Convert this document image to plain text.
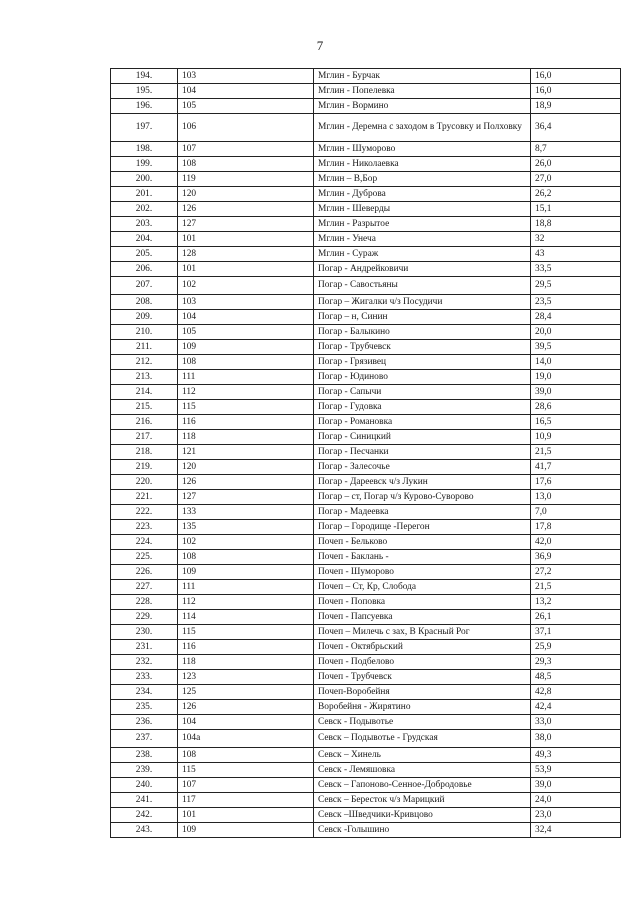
7
194.	103	Мглин - Бурчак	16,0
195.	104	Мглин - Попелевка	16,0
196.	105	Мглин - Вормино	18,9
197.	106	Мглин - Деремна с заходом в Трусовку и Полховку	36,4
198.	107	Мглин - Шуморово	8,7
199.	108	Мглин - Николаевка	26,0
200.	119	Мглин – В,Бор	27,0
201.	120	Мглин - Дуброва	26,2
202.	126	Мглин - Шеверды	15,1
203.	127	Мглин - Разрытое	18,8
204.	101	Мглин - Унеча	32
205.	128	Мглин - Сураж	43
206.	101	Погар - Андрейковичи	33,5
207.	102	Погар - Савостьяны	29,5
208.	103	Погар – Жигалки ч/з Посудичи	23,5
209.	104	Погар – н, Синин	28,4
210.	105	Погар - Балыкино	20,0
211.	109	Погар - Трубчевск	39,5
212.	108	Погар - Грязивец	14,0
213.	111	Погар - Юдиново	19,0
214.	112	Погар - Сапычи	39,0
215.	115	Погар - Гудовка	28,6
216.	116	Погар - Романовка	16,5
217.	118	Погар - Синицкий	10,9
218.	121	Погар - Песчанки	21,5
219.	120	Погар - Залесочье	41,7
220.	126	Погар - Дареевск ч/з Лукин	17,6
221.	127	Погар – ст, Погар ч/з Курово-Суворово	13,0
222.	133	Погар - Мадеевка	7,0
223.	135	Погар – Городище -Перегон	17,8
224.	102	Почеп - Бельково	42,0
225.	108	Почеп - Баклань -	36,9
226.	109	Почеп - Шуморово	27,2
227.	111	Почеп – Ст, Кр, Слобода	21,5
228.	112	Почеп - Поповка	13,2
229.	114	Почеп - Папсуевка	26,1
230.	115	Почеп – Милечь с зах, В Красный Рог	37,1
231.	116	Почеп - Октябрьский	25,9
232.	118	Почеп - Подбелово	29,3
233.	123	Почеп - Трубчевск	48,5
234.	125	Почеп-Воробейня	42,8
235.	126	Воробейня - Жирятино	42,4
236.	104	Севск - Подывотье	33,0
237.	104а	Севск – Подывотье - Грудская	38,0
238.	108	Севск – Хинель	49,3
239.	115	Севск - Лемяшовка	53,9
240.	107	Севск – Гапоново-Сенное-Добродовье	39,0
241.	117	Севск – Бересток ч/з Марицкий	24,0
242.	101	Севск –Шведчики-Кривцово	23,0
243.	109	Севск -Голышино	32,4
